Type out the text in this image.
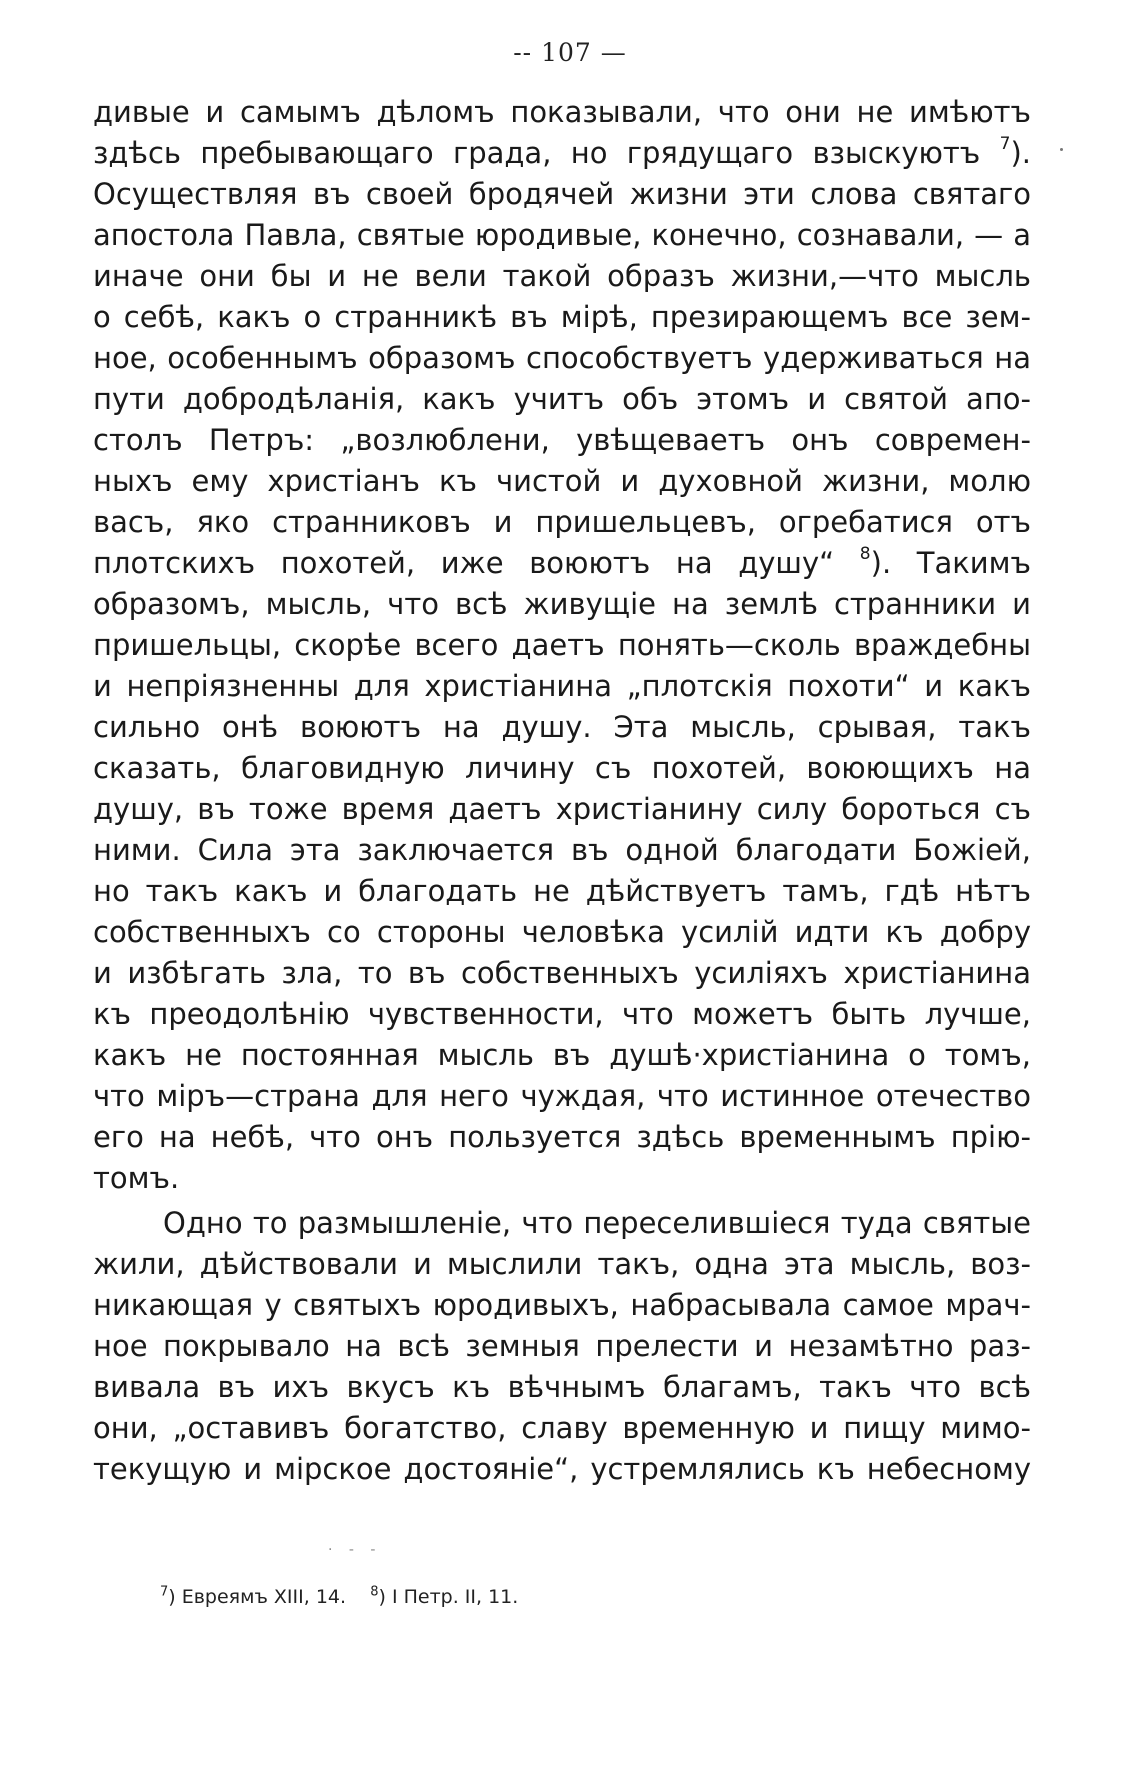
-- 107 —
дивые и самымъ дѣломъ показывали, что они не имѣютъ
здѣсь пребывающаго града, но грядущаго взыскуютъ $^7$).
Осуществляя въ своей бродячей жизни эти слова святаго
апостола Павла, святые юродивые, конечно, сознавали, — а
иначе они бы и не вели такой образъ жизни,—что мысль
о себѣ, какъ о странникѣ въ мірѣ, презирающемъ все зем-
ное, особеннымъ образомъ способствуетъ удерживаться на
пути добродѣланія, какъ учитъ объ этомъ и святой апо-
столъ Петръ: „возлюблени, увѣщеваетъ онъ современ-
ныхъ ему христіанъ къ чистой и духовной жизни, молю
васъ, яко странниковъ и пришельцевъ, огребатися отъ
плотскихъ похотей, иже воюютъ на душу“ $^8$). Такимъ
образомъ, мысль, что всѣ живущіе на землѣ странники и
пришельцы, скорѣе всего даетъ понять—сколь враждебны
и непріязненны для христіанина „плотскія похоти“ и какъ
сильно онѣ воюютъ на душу. Эта мысль, срывая, такъ
сказать, благовидную личину съ похотей, воюющихъ на
душу, въ тоже время даетъ христіанину силу бороться съ
ними. Сила эта заключается въ одной благодати Божіей,
но такъ какъ и благодать не дѣйствуетъ тамъ, гдѣ нѣтъ
собственныхъ со стороны человѣка усилій идти къ добру
и избѣгать зла, то въ собственныхъ усиліяхъ христіанина
къ преодолѣнію чувственности, что можетъ быть лучше,
какъ не постоянная мысль въ душѣ·христіанина о томъ,
что міръ—страна для него чуждая, что истинное отечество
его на небѣ, что онъ пользуется здѣсь временнымъ прію-
томъ.
Одно то размышленіе, что переселившіеся туда святые
жили, дѣйствовали и мыслили такъ, одна эта мысль, воз-
никающая у святыхъ юродивыхъ, набрасывала самое мрач-
ное покрывало на всѣ земныя прелести и незамѣтно раз-
вивала въ ихъ вкусъ къ вѣчнымъ благамъ, такъ что всѣ
они, „оставивъ богатство, славу временную и пищу мимо-
текущую и мірское достояніе“, устремлялись къ небесному
· - -
$^7$) Евреямъ XIII, 14. $^8$) I Петр. II, 11.
